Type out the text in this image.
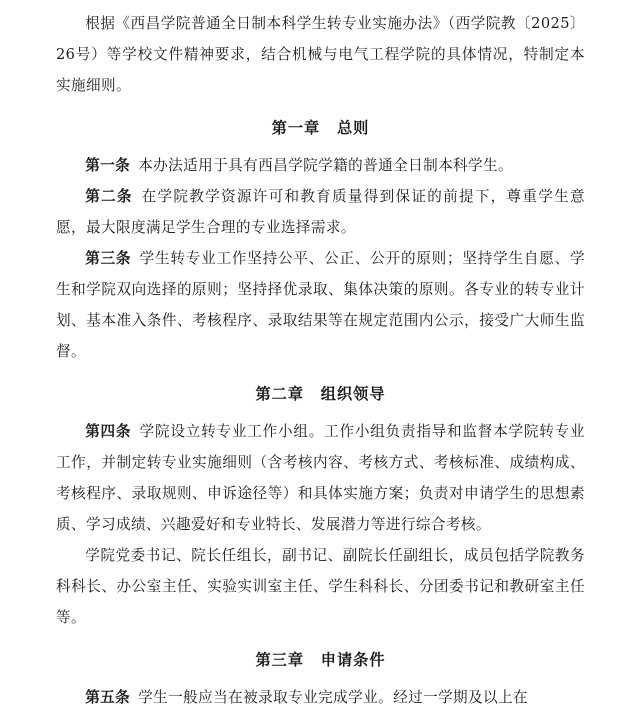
根据《西昌学院普通全日制本科学生转专业实施办法》（西学院教〔2025〕26号）等学校文件精神要求，结合机械与电气工程学院的具体情况，特制定本实施细则。

第一章 总则

第一条 本办法适用于具有西昌学院学籍的普通全日制本科学生。

第二条 在学院教学资源许可和教育质量得到保证的前提下，尊重学生意愿，最大限度满足学生合理的专业选择需求。

第三条 学生转专业工作坚持公平、公正、公开的原则；坚持学生自愿、学生和学院双向选择的原则；坚持择优录取、集体决策的原则。各专业的转专业计划、基本准入条件、考核程序、录取结果等在规定范围内公示，接受广大师生监督。

第二章 组织领导

第四条 学院设立转专业工作小组。工作小组负责指导和监督本学院转专业工作，并制定转专业实施细则（含考核内容、考核方式、考核标准、成绩构成、考核程序、录取规则、申诉途径等）和具体实施方案；负责对申请学生的思想素质、学习成绩、兴趣爱好和专业特长、发展潜力等进行综合考核。

学院党委书记、院长任组长，副书记、副院长任副组长，成员包括学院教务科科长、办公室主任、实验实训室主任、学生科科长、分团委书记和教研室主任等。

第三章 申请条件

第五条 学生一般应当在被录取专业完成学业。经过一学期及以上在
